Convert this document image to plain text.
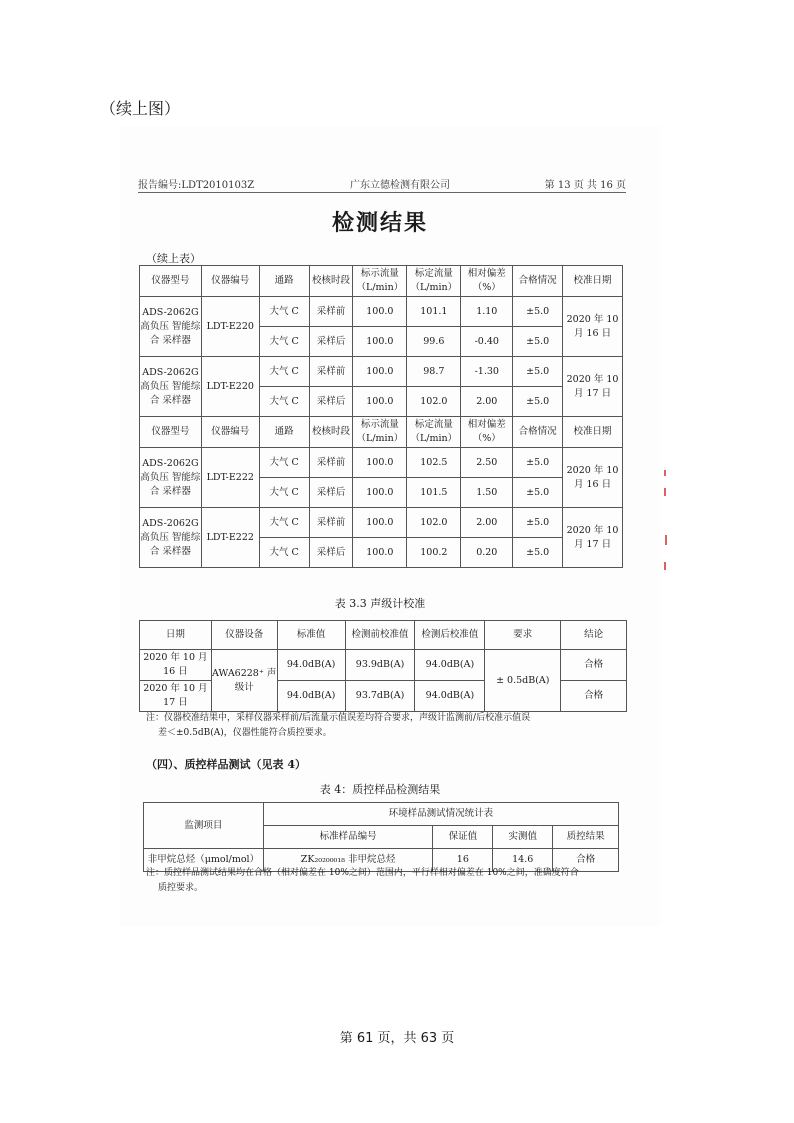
（续上图）
报告编号:LDT2010103Z	广东立德检测有限公司	第 13 页 共 16 页
检测结果
（续上表）
仪器型号	仪器编号	通路	校核时段	标示流量（L/min）	标定流量（L/min）	相对偏差（%）	合格情况	校准日期
ADS-2062G 高负压 智能综合 采样器	LDT-E220	大气 C	采样前	100.0	101.1	1.10	±5.0	2020 年 10 月 16 日
		大气 C	采样后	100.0	99.6	-0.40	±5.0	
ADS-2062G 高负压 智能综合 采样器	LDT-E220	大气 C	采样前	100.0	98.7	-1.30	±5.0	2020 年 10 月 17 日
		大气 C	采样后	100.0	102.0	2.00	±5.0	
仪器型号	仪器编号	通路	校核时段	标示流量（L/min）	标定流量（L/min）	相对偏差（%）	合格情况	校准日期
ADS-2062G 高负压 智能综合 采样器	LDT-E222	大气 C	采样前	100.0	102.5	2.50	±5.0	2020 年 10 月 16 日
		大气 C	采样后	100.0	101.5	1.50	±5.0	
ADS-2062G 高负压 智能综合 采样器	LDT-E222	大气 C	采样前	100.0	102.0	2.00	±5.0	2020 年 10 月 17 日
		大气 C	采样后	100.0	100.2	0.20	±5.0	
表 3.3 声级计校准
日期	仪器设备	标准值	检测前校准值	检测后校准值	要求	结论
2020 年 10 月 16 日	AWA6228⁺ 声级计	94.0dB(A)	93.9dB(A)	94.0dB(A)	± 0.5dB(A)	合格
2020 年 10 月 17 日		94.0dB(A)	93.7dB(A)	94.0dB(A)		合格
注：仪器校准结果中，采样仪器采样前/后流量示值误差均符合要求，声级计监测前/后校准示值误
差＜±0.5dB(A)，仪器性能符合质控要求。
（四）、质控样品测试（见表 4）
表 4：质控样品检测结果
监测项目	环境样品测试情况统计表			
	标准样品编号	保证值	实测值	质控结果
非甲烷总烃（μmol/mol）	ZK₂₀₂₀₀₀₁₈ 非甲烷总烃	16	14.6	合格
注：质控样品测试结果均在合格（相对偏差在 10%之间）范围内，平行样相对偏差在 10%之间，准确度符合
质控要求。
第 61 页，共 63 页
